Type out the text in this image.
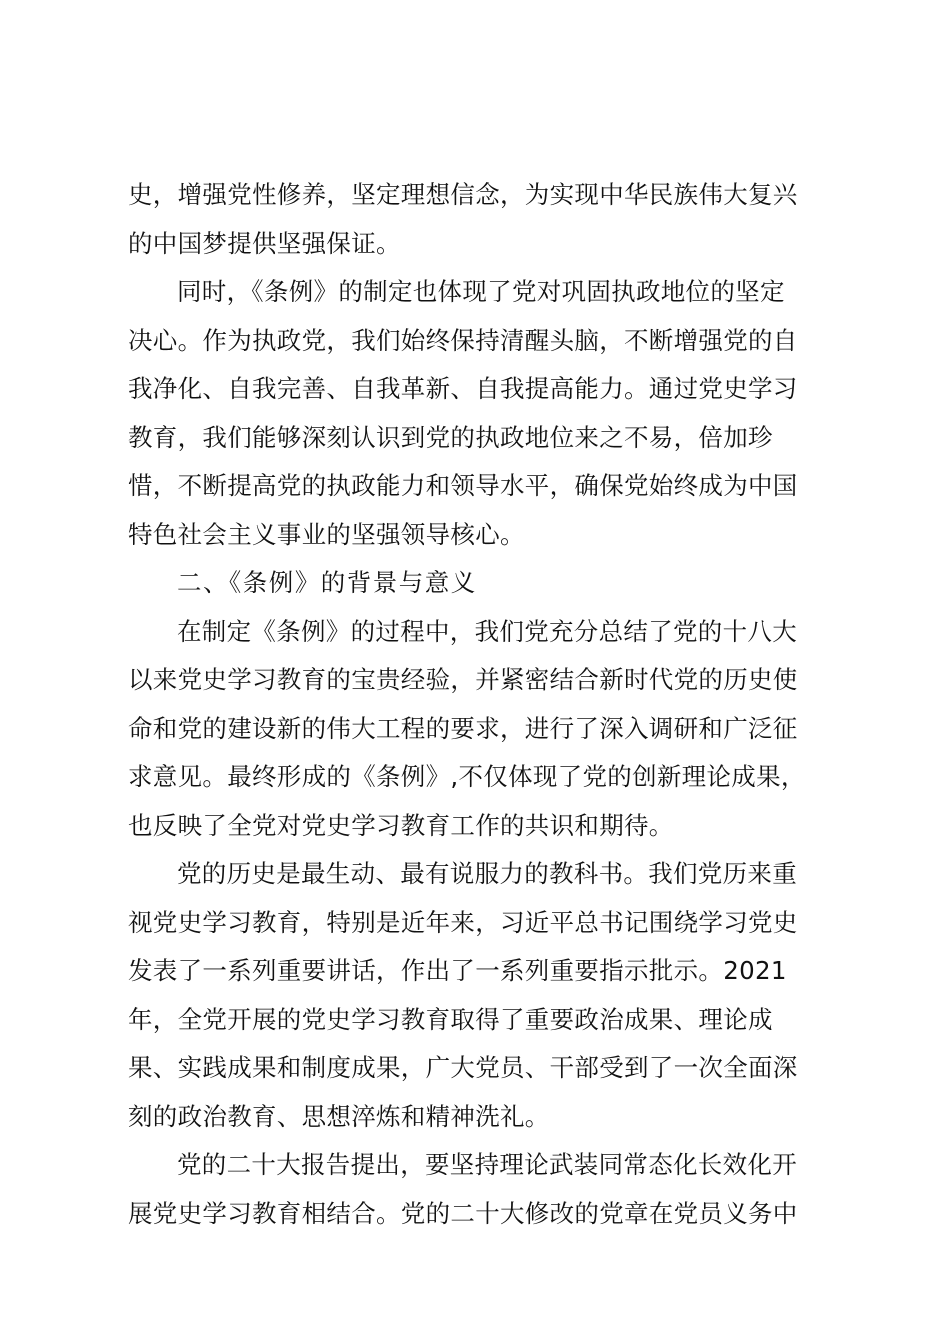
史，增强党性修养，坚定理想信念，为实现中华民族伟大复兴
的中国梦提供坚强保证。
同时，《条例》的制定也体现了党对巩固执政地位的坚定
决心。作为执政党，我们始终保持清醒头脑，不断增强党的自
我净化、自我完善、自我革新、自我提高能力。通过党史学习
教育，我们能够深刻认识到党的执政地位来之不易，倍加珍
惜，不断提高党的执政能力和领导水平，确保党始终成为中国
特色社会主义事业的坚强领导核心。
二、《条例》的背景与意义
在制定《条例》的过程中，我们党充分总结了党的十八大
以来党史学习教育的宝贵经验，并紧密结合新时代党的历史使
命和党的建设新的伟大工程的要求，进行了深入调研和广泛征
求意见。最终形成的《条例》,不仅体现了党的创新理论成果，
也反映了全党对党史学习教育工作的共识和期待。
党的历史是最生动、最有说服力的教科书。我们党历来重
视党史学习教育，特别是近年来，习近平总书记围绕学习党史
发表了一系列重要讲话，作出了一系列重要指示批示。2021
年，全党开展的党史学习教育取得了重要政治成果、理论成
果、实践成果和制度成果，广大党员、干部受到了一次全面深
刻的政治教育、思想淬炼和精神洗礼。
党的二十大报告提出，要坚持理论武装同常态化长效化开
展党史学习教育相结合。党的二十大修改的党章在党员义务中
